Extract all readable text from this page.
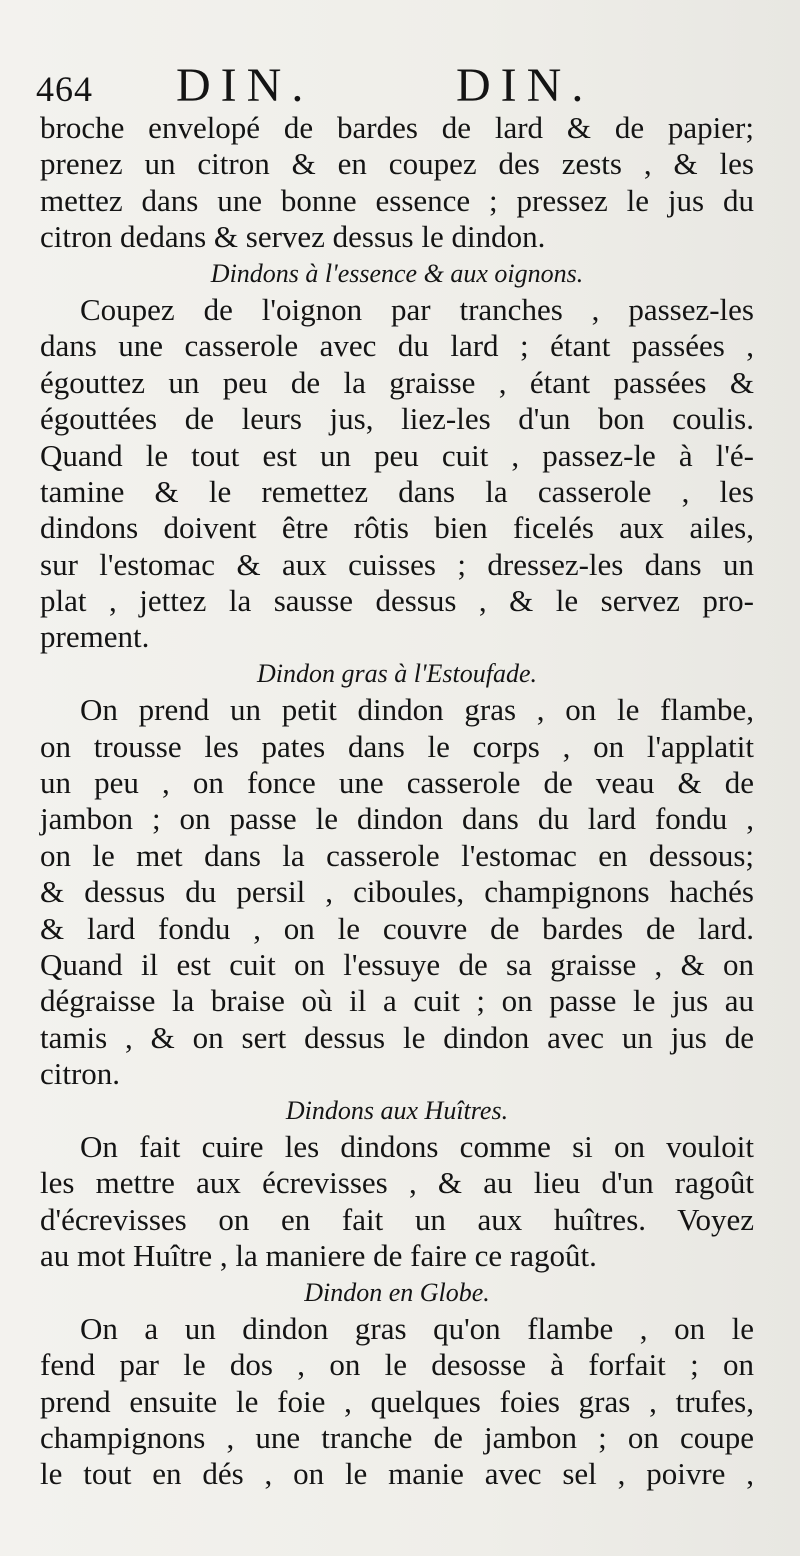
464 DIN.	DIN.
broche envelopé de bardes de lard & de papier;
prenez un citron & en coupez des zests , & les
mettez dans une bonne essence ; pressez le jus du
citron dedans & servez dessus le dindon.
Dindons à l'essence & aux oignons.
Coupez de l'oignon par tranches , passez-les
dans une casserole avec du lard ; étant passées ,
égouttez un peu de la graisse , étant passées &
égouttées de leurs jus, liez-les d'un bon coulis.
Quand le tout est un peu cuit , passez-le à l'é-
tamine & le remettez dans la casserole , les
dindons doivent être rôtis bien ficelés aux ailes,
sur l'estomac & aux cuisses ; dressez-les dans un
plat , jettez la sausse dessus , & le servez pro-
prement.
Dindon gras à l'Estoufade.
On prend un petit dindon gras , on le flambe,
on trousse les pates dans le corps , on l'applatit
un peu , on fonce une casserole de veau & de
jambon ; on passe le dindon dans du lard fondu ,
on le met dans la casserole l'estomac en dessous;
& dessus du persil , ciboules, champignons hachés
& lard fondu , on le couvre de bardes de lard.
Quand il est cuit on l'essuye de sa graisse , & on
dégraisse la braise où il a cuit ; on passe le jus au
tamis , & on sert dessus le dindon avec un jus de
citron.
Dindons aux Huîtres.
On fait cuire les dindons comme si on vouloit
les mettre aux écrevisses , & au lieu d'un ragoût
d'écrevisses on en fait un aux huîtres. Voyez
au mot Huître , la maniere de faire ce ragoût.
Dindon en Globe.
On a un dindon gras qu'on flambe , on le
fend par le dos , on le desosse à forfait ; on
prend ensuite le foie , quelques foies gras , trufes,
champignons , une tranche de jambon ; on coupe
le tout en dés , on le manie avec sel , poivre ,
